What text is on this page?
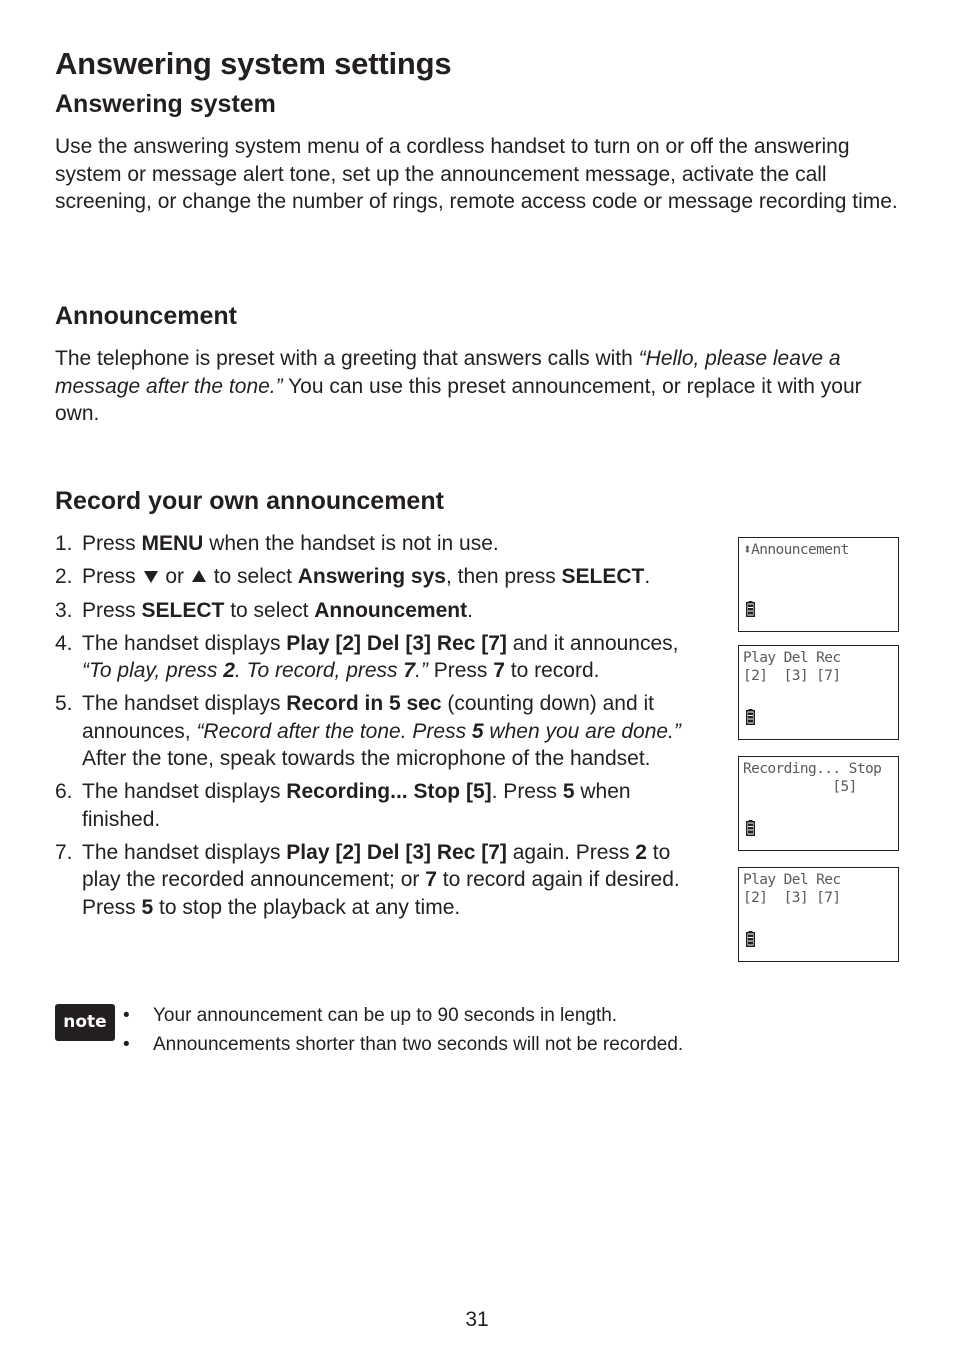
Answering system settings
Answering system

Use the answering system menu of a cordless handset to turn on or off the answering system or message alert tone, set up the announcement message, activate the call screening, or change the number of rings, remote access code or message recording time.

Announcement

The telephone is preset with a greeting that answers calls with “Hello, please leave a message after the tone.” You can use this preset announcement, or replace it with your own.

Record your own announcement
1. Press MENU when the handset is not in use.
2. Press  or  to select Answering sys, then press SELECT.
3. Press SELECT to select Announcement.
4. The handset displays Play [2] Del [3] Rec [7] and it announces, “To play, press 2. To record, press 7.” Press 7 to record.
5. The handset displays Record in 5 sec (counting down) and it announces, “Record after the tone. Press 5 when you are done.” After the tone, speak towards the microphone of the handset.
6. The handset displays Recording... Stop [5]. Press 5 when finished.
7. The handset displays Play [2] Del [3] Rec [7] again. Press 2 to play the recorded announcement; or 7 to record again if desired. Press 5 to stop the playback at any time.
⬍Announcement
Play Del Rec
[2]  [3] [7]
Recording... Stop
[5]
Play Del Rec
[2]  [3] [7]
note • Your announcement can be up to 90 seconds in length.
• Announcements shorter than two seconds will not be recorded.
31
